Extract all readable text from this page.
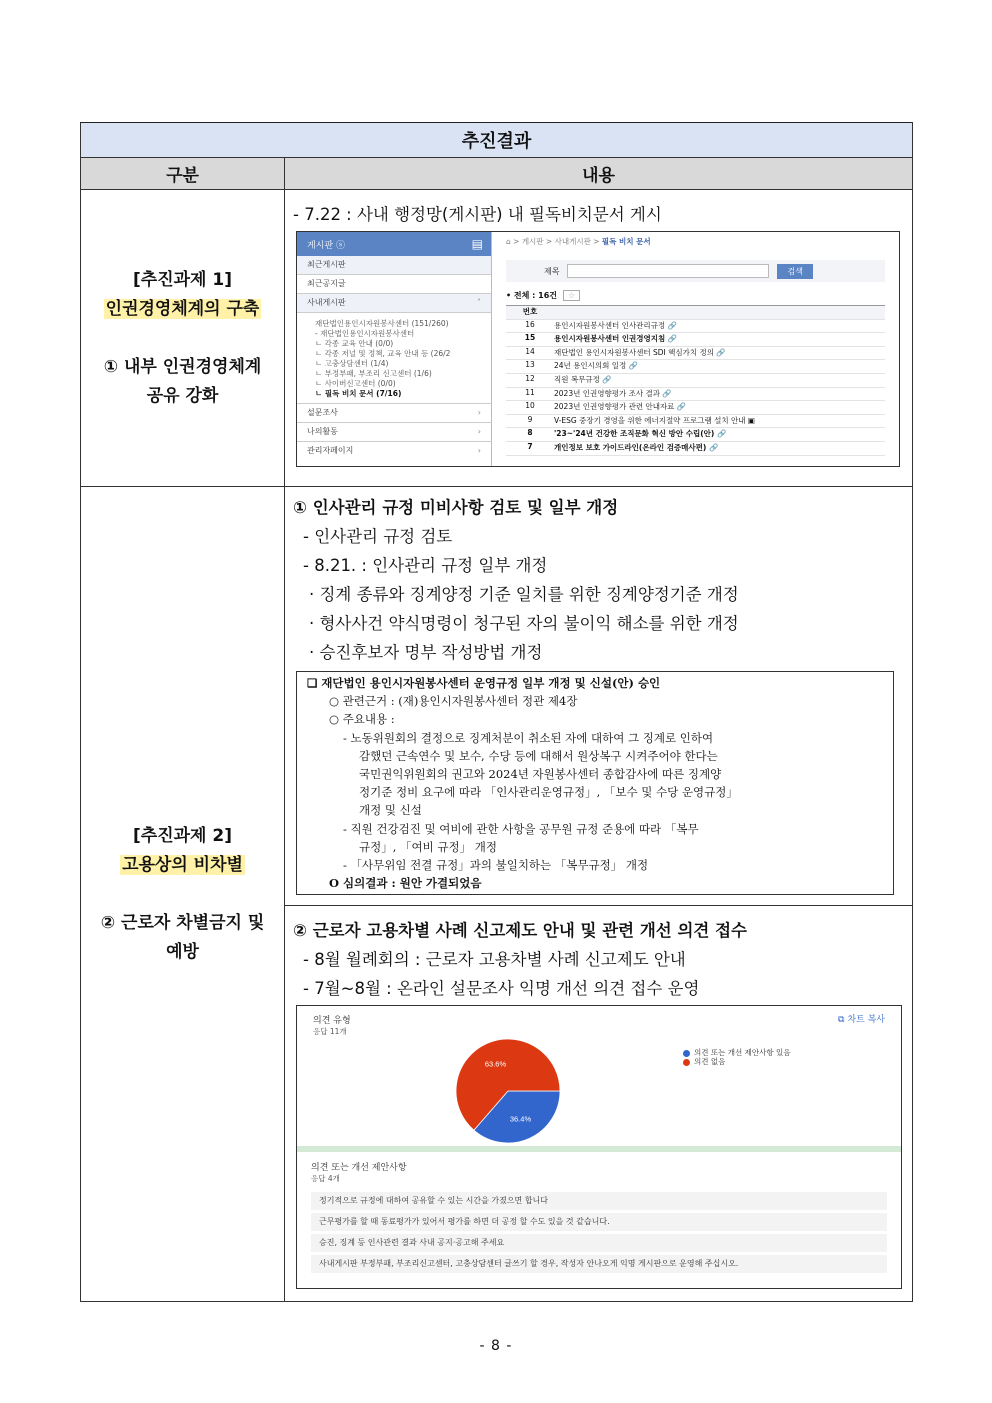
추진결과
구분	내용

[추진과제 1]
인권경영체계의 구축
① 내부 인권경영체계
공유 강화

- 7.22 : 사내 행정망(게시판) 내 필독비치문서 게시
게시판 ⓢ	▤
최근게시판
최근공지글
사내게시판	˄
재단법인용인시자원봉사센터 (151/260)
- 재단법인용인시자원봉사센터
ㄴ 각종 교육 안내 (0/0)
ㄴ 각종 저널 및 정책, 교육 안내 등 (26/2
ㄴ 고충상담센터 (1/4)
ㄴ 부정부패, 부조리 신고센터 (1/6)
ㄴ 사이버신고센터 (0/0)
ㄴ 필독 비치 문서 (7/16)
설문조사	›
나의활동	›
관리자페이지	›
⌂ > 게시판 > 사내게시판 > 필독 비치 문서
제목	검색
• 전체 : 16건	☆
번호	
16	용인시자원봉사센터 인사관리규정 🔗
15	용인시자원봉사센터 인권경영지침 🔗
14	재단법인 용인시자원봉사센터 SDI 핵심가치 정의 🔗
13	24년 용인시의회 일정 🔗
12	직원 복무규정 🔗
11	2023년 인권영향평가 조사 결과 🔗
10	2023년 인권영향평가 관련 안내자료 🔗
9	V-ESG 중장기 경영을 위한 에너지절약 프로그램 설치 안내 ▣
8	'23~'24년 건강한 조직문화 혁신 방안 수립(안) 🔗
7	개인정보 보호 가이드라인(온라인 검증매사편) 🔗

[추진과제 2]
고용상의 비차별
② 근로자 차별금지 및
예방

① 인사관리 규정 미비사항 검토 및 일부 개정
- 인사관리 규정 검토
- 8.21. : 인사관리 규정 일부 개정
· 징계 종류와 징계양정 기준 일치를 위한 징계양정기준 개정
· 형사사건 약식명령이 청구된 자의 불이익 해소를 위한 개정
· 승진후보자 명부 작성방법 개정
❑ 재단법인 용인시자원봉사센터 운영규정 일부 개정 및 신설(안) 승인
○ 관련근거 : (재)용인시자원봉사센터 정관 제4장
○ 주요내용 :
- 노동위원회의 결정으로 징계처분이 취소된 자에 대하여 그 징계로 인하여
감했던 근속연수 및 보수, 수당 등에 대해서 원상복구 시켜주어야 한다는
국민권익위원회의 권고와 2024년 자원봉사센터 종합감사에 따른 징계양
정기준 정비 요구에 따라 「인사관리운영규정」, 「보수 및 수당 운영규정」
개정 및 신설
- 직원 건강검진 및 여비에 관한 사항을 공무원 규정 준용에 따라 「복무
규정」, 「여비 규정」 개정
- 「사무위임 전결 규정」과의 불일치하는 「복무규정」 개정
O 심의결과 : 원안 가결되었음
② 근로자 고용차별 사례 신고제도 안내 및 관련 개선 의견 접수
- 8월 월례회의 : 근로자 고용차별 사례 신고제도 안내
- 7월~8월 : 온라인 설문조사 익명 개선 의견 접수 운영
의견 유형
응답 11개
⧉ 차트 복사
36.4%
63.6%
의견 또는 개선 제안사항 있음
의견 없음
의견 또는 개선 제안사항
응답 4개
정기적으로 규정에 대하여 공유할 수 있는 시간을 가졌으면 합니다
근무평가를 할 때 동료평가가 있어서 평가를 하면 더 공정 할 수도 있을 것 같습니다.
승진, 징계 등 인사관련 결과 사내 공지·공고해 주세요
사내게시판 부정부패, 부조리신고센터, 고충상담센터 글쓰기 할 경우, 작성자 안나오게 익명 게시판으로 운영해 주십시오.
- 8 -
